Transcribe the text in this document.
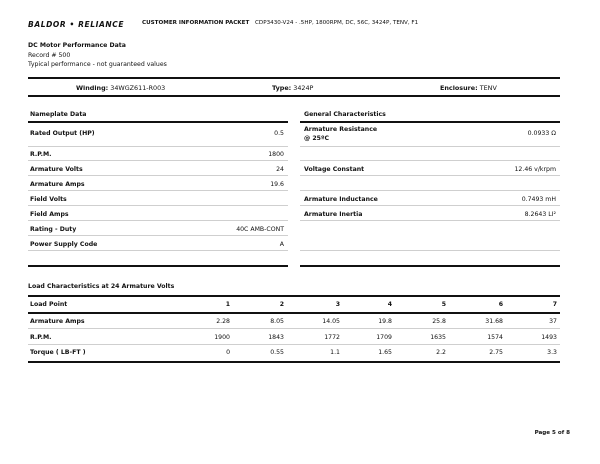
BALDOR • RELIANCE	CUSTOMER INFORMATION PACKET CDP3430-V24 - .5HP, 1800RPM, DC, 56C, 3424P, TENV, F1
DC Motor Performance Data
Record # 500
Typical performance - not guaranteed values
Winding: 34WGZ611-R003	Type: 3424P	Enclosure: TENV
Nameplate Data
Rated Output (HP)	0.5
R.P.M.	1800
Armature Volts	24
Armature Amps	19.6
Field Volts
Field Amps
Rating - Duty	40C AMB-CONT
Power Supply Code	A
General Characteristics
Armature Resistance
@ 25ºC
0.0933 Ω
Voltage Constant	12.46 v/krpm
Armature Inductance	0.7493 mH
Armature Inertia	8.2643 LI²
Load Characteristics at 24 Armature Volts
Load Point	1	2	3	4	5	6	7
Armature Amps	2.28	8.05	14.05	19.8	25.8	31.68	37
R.P.M.	1900	1843	1772	1709	1635	1574	1493
Torque ( LB-FT )	0	0.55	1.1	1.65	2.2	2.75	3.3
Page 5 of 8
